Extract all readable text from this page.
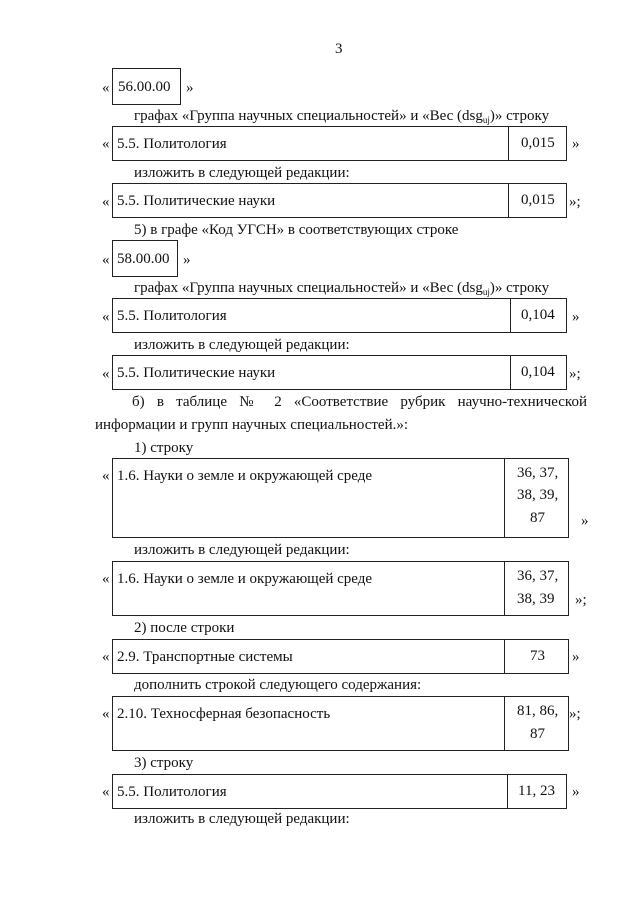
3
« 56.00.00 »
графах «Группа научных специальностей» и «Вес (dsg$_{uj}$)» строку
« 5.5. Политология	0,015 »
изложить в следующей редакции:
« 5.5. Политические науки	0,015 »;
5) в графе «Код УГСН» в соответствующих строке
« 58.00.00 »
графах «Группа научных специальностей» и «Вес (dsg$_{uj}$)» строку
« 5.5. Политология	0,104 »
изложить в следующей редакции:
« 5.5. Политические науки	0,104 »;
б) в таблице № 2 «Соответствие рубрик научно-технической
информации и групп научных специальностей.»:
1) строку
« 1.6. Науки о земле и окружающей среде	36, 37,
38, 39,
87 »
изложить в следующей редакции:
« 1.6. Науки о земле и окружающей среде	36, 37,
38, 39 »;
2) после строки
« 2.9. Транспортные системы	73 »
дополнить строкой следующего содержания:
« 2.10. Техносферная безопасность	81, 86,
87
»;
3) строку
« 5.5. Политология	11, 23 »
изложить в следующей редакции:
